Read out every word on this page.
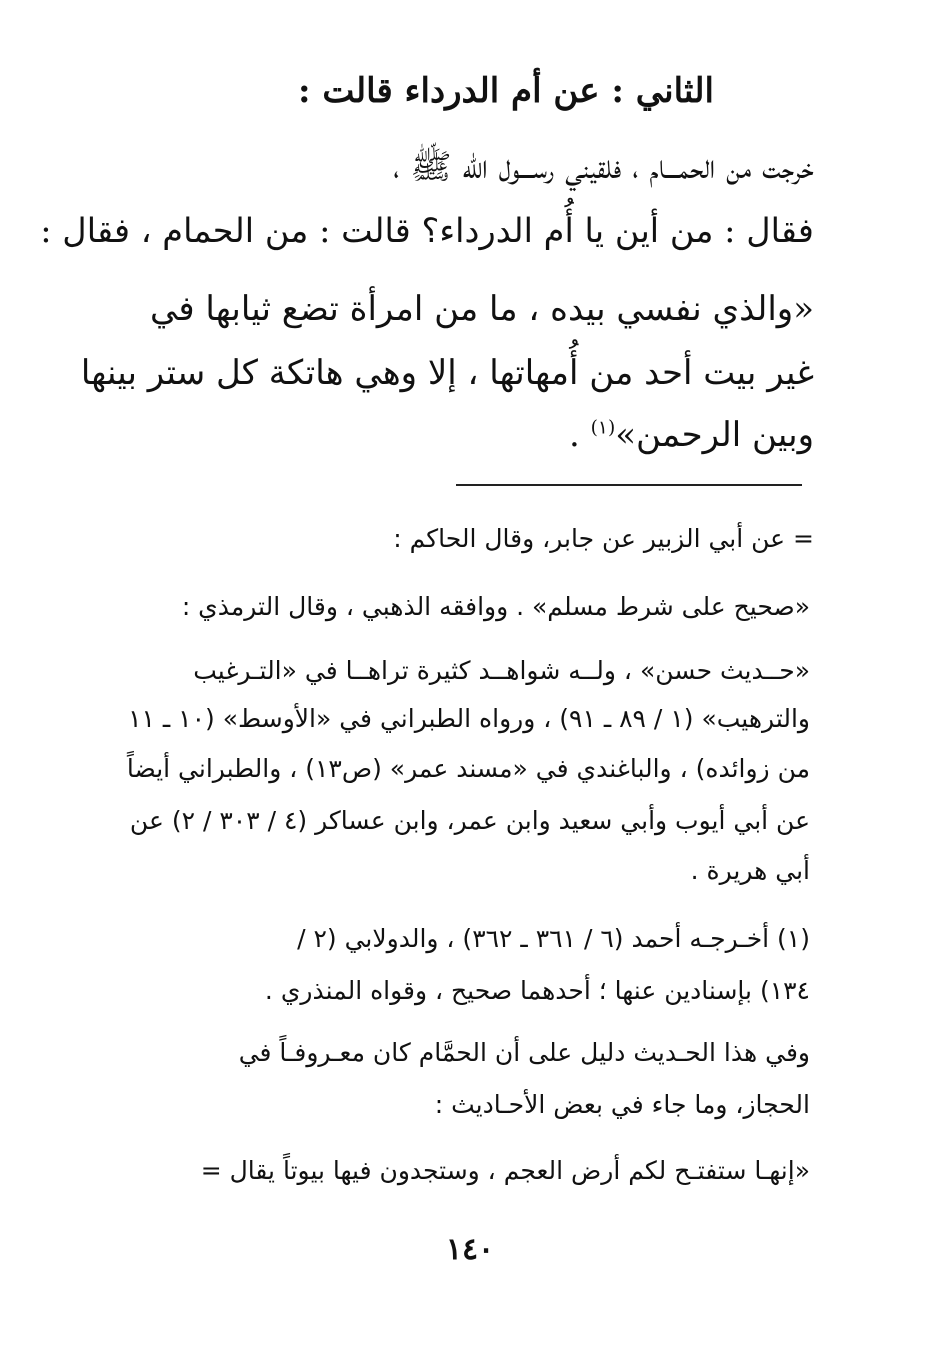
الثاني : عن أم الدرداء قالت :
خرجت من الحمـــام ، فلقيني رســـول الله ﷺ ،
فقال : من أين يا أُم الدرداء؟ قالت : من الحمام ، فقال :
«والذي نفسي بيده ، ما من امرأة تضع ثيابها في
غير بيت أحد من أُمهاتها ، إلا وهي هاتكة كل ستر بينها
وبين الرحمن»$^{(١)}$ .
= عن أبي الزبير عن جابر، وقال الحاكم :
«صحيح على شرط مسلم» . ووافقه الذهبي ، وقال الترمذي :
«حــديث حسن» ، ولــه شواهــد كثيرة تراهــا في «التـرغيب
والترهيب» (١ / ٨٩ ـ ٩١) ، ورواه الطبراني في «الأوسط» (١٠ ـ ١١
من زوائده) ، والباغندي في «مسند عمر» (ص١٣) ، والطبراني أيضاً
عن أبي أيوب وأبي سعيد وابن عمر، وابن عساكر (٤ / ٣٠٣ / ٢) عن
أبي هريرة .
(١) أخـرجـه أحمد (٦ / ٣٦١ ـ ٣٦٢) ، والدولابي (٢ /
١٣٤) بإسنادين عنها ؛ أحدهما صحيح ، وقواه المنذري .
وفي هذا الحـديث دليل على أن الحمَّام كان معـروفـاً في
الحجاز، وما جاء في بعض الأحـاديث :
«إنهـا ستفتـح لكم أرض العجم ، وستجدون فيها بيوتاً يقال =
١٤٠
